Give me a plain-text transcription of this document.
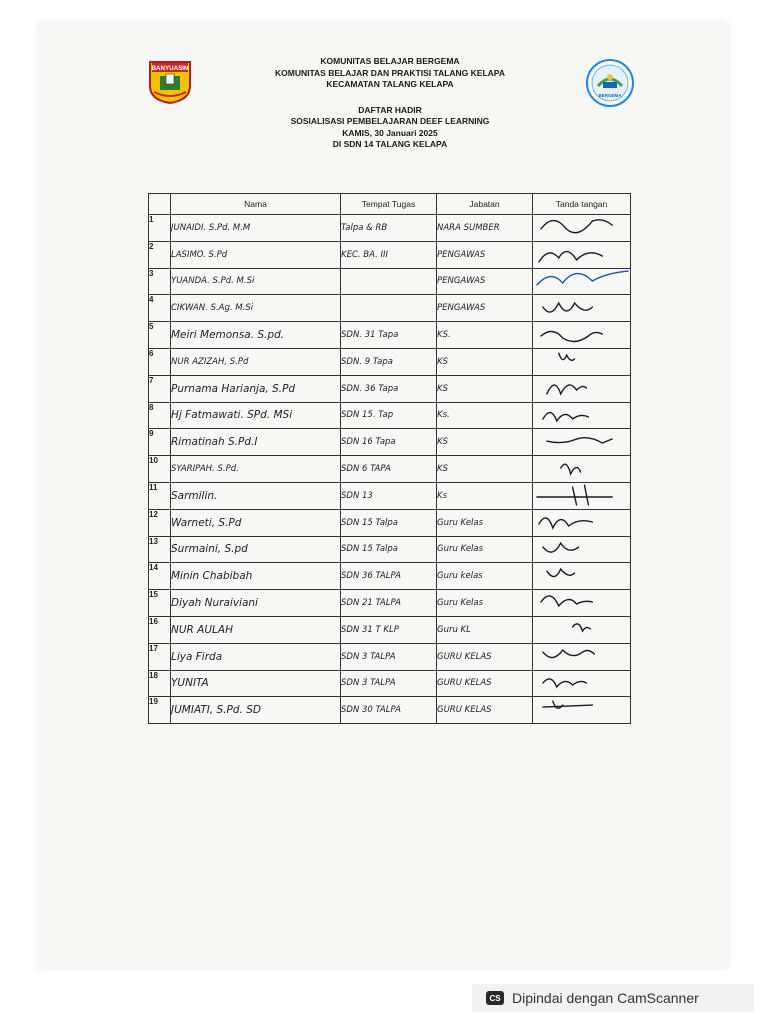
BANYUASIN
BERGEMA
KOMUNITAS BELAJAR BERGEMA
KOMUNITAS BELAJAR DAN PRAKTISI TALANG KELAPA
KECAMATAN TALANG KELAPA
DAFTAR HADIR
SOSIALISASI PEMBELAJARAN DEEF LEARNING
KAMIS, 30 Januari 2025
DI SDN 14 TALANG KELAPA
	Nama	Tempat Tugas	Jabatan	Tanda tangan
1	JUNAIDI. S.Pd. M.M	Talpa & RB	NARA SUMBER	

2	LASIMO. S.Pd	KEC. BA. III	PENGAWAS	

3	YUANDA. S.Pd. M.Si		PENGAWAS	

4	CIKWAN. S.Ag. M.Si		PENGAWAS	

5	Meiri Memonsa. S.pd.	SDN. 31 Tapa	KS.	

6	NUR AZIZAH, S.Pd	SDN. 9 Tapa	KS	

7	Purnama Harianja, S.Pd	SDN. 36 Tapa	KS	

8	Hj Fatmawati. SPd. MSi	SDN 15. Tap	Ks.	

9	Rimatinah S.Pd.I	SDN 16 Tapa	KS	

10	SYARIPAH. S.Pd.	SDN 6 TAPA	KS	

11	Sarmilin.	SDN 13	Ks	

12	Warneti, S.Pd	SDN 15 Talpa	Guru Kelas	

13	Surmaini, S.pd	SDN 15 Talpa	Guru Kelas	

14	Minin Chabibah	SDN 36 TALPA	Guru kelas	

15	Diyah Nuraiviani	SDN 21 TALPA	Guru Kelas	

16	NUR AULAH	SDN 31 T KLP	Guru KL	

17	Liya Firda	SDN 3 TALPA	GURU KELAS	

18	YUNITA	SDN 3 TALPA	GURU KELAS	

19	JUMIATI, S.Pd. SD	SDN 30 TALPA	GURU KELAS	
CS Dipindai dengan CamScanner
